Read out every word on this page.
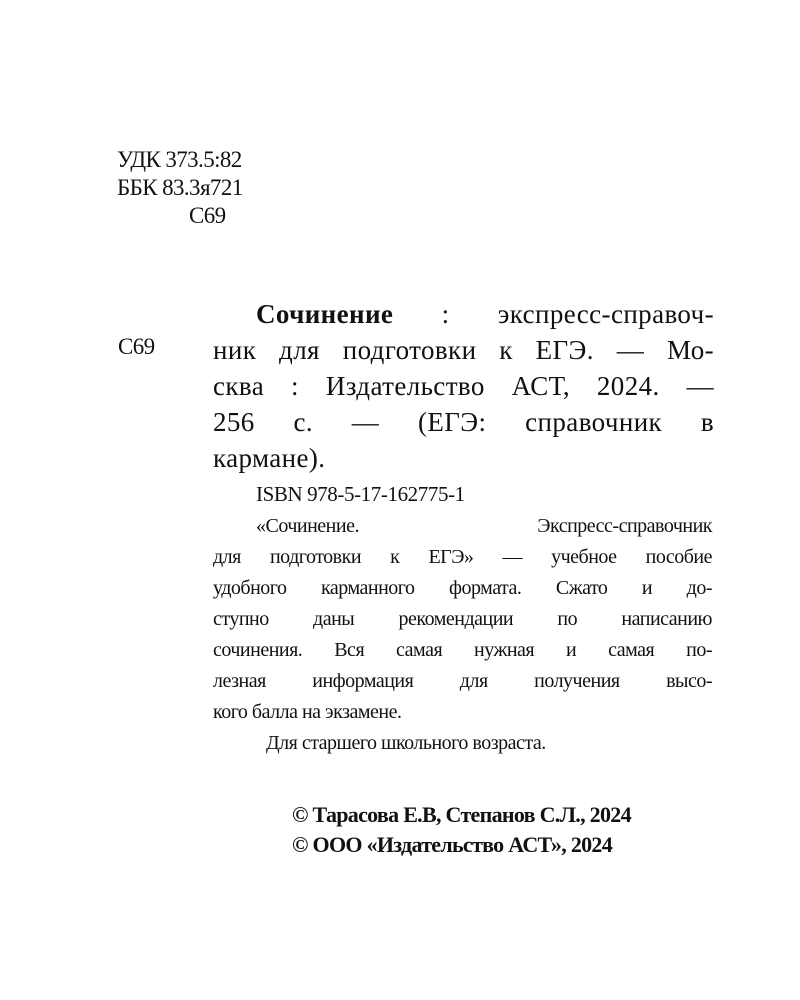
УДК 373.5:82
ББК 83.3я721
С69
С69
Сочинение : экспресс-справоч-
ник для подготовки к ЕГЭ. — Мо-
сква : Издательство АСТ, 2024. —
256 с. — (ЕГЭ: справочник в
кармане).
ISBN 978-5-17-162775-1
«Сочинение. Экспресс-справочник
для подготовки к ЕГЭ» — учебное пособие
удобного карманного формата. Сжато и до-
ступно даны рекомендации по написанию
сочинения. Вся самая нужная и самая по-
лезная информация для получения высо-
кого балла на экзамене.
Для старшего школьного возраста.
© Тарасова Е.В, Степанов С.Л., 2024
© ООО «Издательство АСТ», 2024
